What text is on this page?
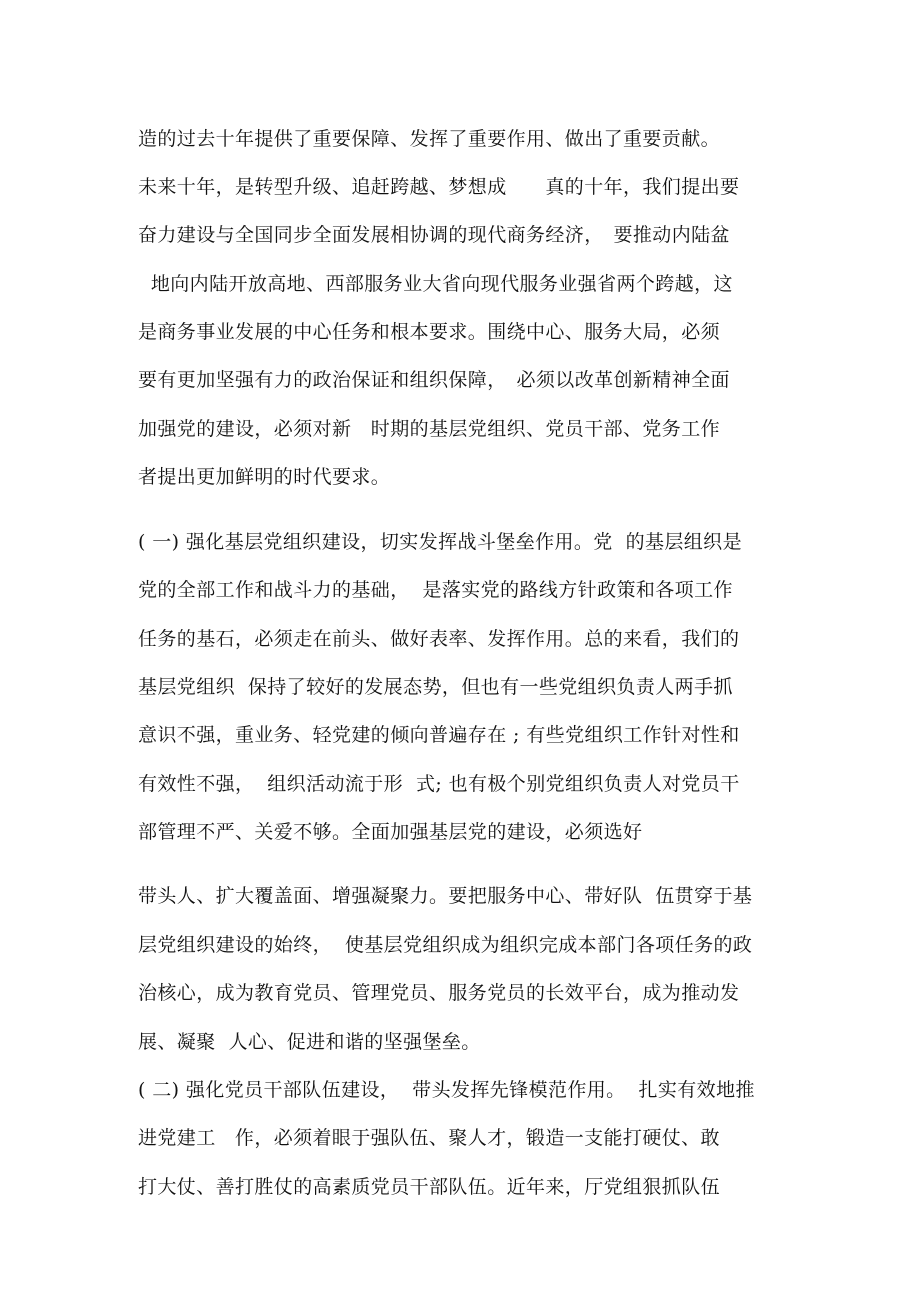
造的过去十年提供了重要保障、发挥了重要作用、做出了重要贡献。
未来十年，是转型升级、追赶跨越、梦想成　　真的十年，我们提出要
奋力建设与全国同步全面发展相协调的现代商务经济，　要推动内陆盆
地向内陆开放高地、西部服务业大省向现代服务业强省两个跨越，这
是商务事业发展的中心任务和根本要求。围绕中心、服务大局，必须
要有更加坚强有力的政治保证和组织保障，　必须以改革创新精神全面
加强党的建设，必须对新　时期的基层党组织、党员干部、党务工作
者提出更加鲜明的时代要求。
( 一) 强化基层党组织建设，切实发挥战斗堡垒作用。党  的基层组织是
党的全部工作和战斗力的基础，  是落实党的路线方针政策和各项工作
任务的基石，必须走在前头、做好表率、发挥作用。总的来看，我们的
基层党组织  保持了较好的发展态势，但也有一些党组织负责人两手抓
意识不强，重业务、轻党建的倾向普遍存在 ; 有些党组织工作针对性和
有效性不强，  组织活动流于形  式; 也有极个别党组织负责人对党员干
部管理不严、关爱不够。全面加强基层党的建设，必须选好
带头人、扩大覆盖面、增强凝聚力。要把服务中心、带好队  伍贯穿于基
层党组织建设的始终，  使基层党组织成为组织完成本部门各项任务的政
治核心，成为教育党员、管理党员、服务党员的长效平台，成为推动发
展、凝聚  人心、促进和谐的坚强堡垒。
( 二) 强化党员干部队伍建设，  带头发挥先锋模范作用。  扎实有效地推
进党建工   作，必须着眼于强队伍、聚人才，锻造一支能打硬仗、敢
打大仗、善打胜仗的高素质党员干部队伍。近年来，厅党组狠抓队伍
